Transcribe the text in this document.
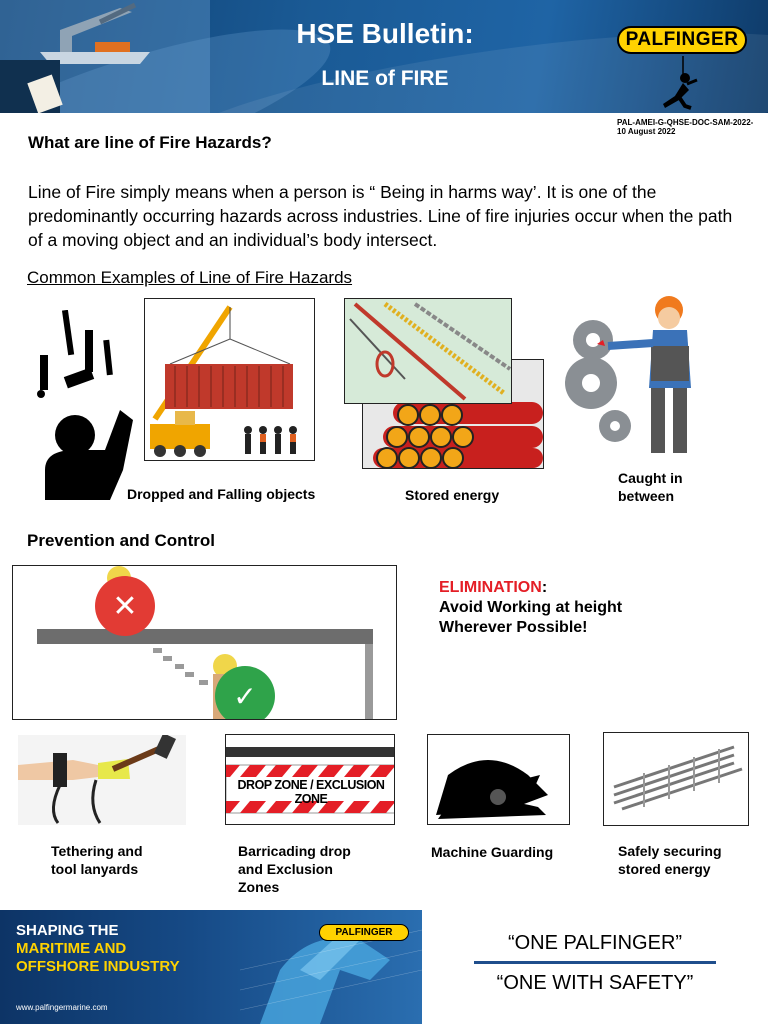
HSE Bulletin:
LINE of FIRE
PALFINGER
PAL-AMEI-G-QHSE-DOC-SAM-2022-
10 August 2022
What are line of Fire Hazards?
Line of Fire simply means when a person is “ Being in harms way’. It is one of the predominantly occurring hazards across industries. Line of fire injuries occur when the path of a moving object and an individual’s body intersect.
Common Examples of Line of Fire Hazards
Dropped and Falling objects	Stored energy
Caught in between
Prevention and Control
✕
✓
ELIMINATION:
Avoid Working at height
Wherever Possible!
Tethering and
tool lanyards
DROP ZONE / EXCLUSION ZONE
Barricading drop
and Exclusion
Zones
Machine Guarding	Safely securing
stored energy
SHAPING THE
MARITIME AND
OFFSHORE INDUSTRY
PALFINGER
www.palfingermarine.com
“ONE PALFINGER”
“ONE WITH SAFETY”
